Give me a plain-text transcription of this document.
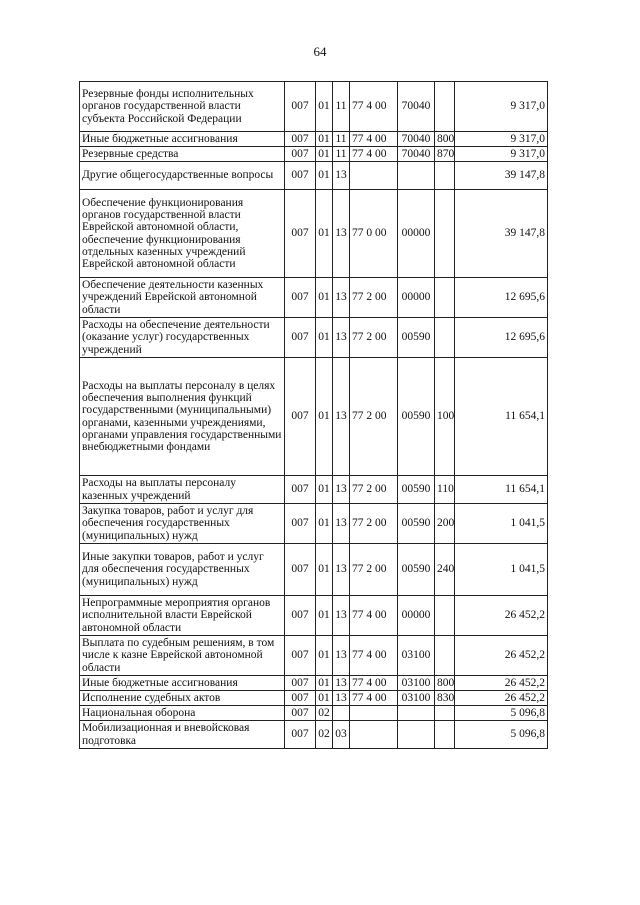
64
Резервные фонды исполнительных органов государственной власти субъекта Российской Федерации	007	01	11	77 4 00	70040		9 317,0
Иные бюджетные ассигнования	007	01	11	77 4 00	70040	800	9 317,0
Резервные средства	007	01	11	77 4 00	70040	870	9 317,0
Другие общегосударственные вопросы	007	01	13				39 147,8
Обеспечение функционирования органов государственной власти Еврейской автономной области, обеспечение функционирования отдельных казенных учреждений Еврейской автономной области	007	01	13	77 0 00	00000		39 147,8
Обеспечение деятельности казенных учреждений Еврейской автономной области	007	01	13	77 2 00	00000		12 695,6
Расходы на обеспечение деятельности (оказание услуг) государственных учреждений	007	01	13	77 2 00	00590		12 695,6
Расходы на выплаты персоналу в целях обеспечения выполнения функций государственными (муниципальными) органами, казенными учреждениями, органами управления государственными внебюджетными фондами	007	01	13	77 2 00	00590	100	11 654,1
Расходы на выплаты персоналу казенных учреждений	007	01	13	77 2 00	00590	110	11 654,1
Закупка товаров, работ и услуг для обеспечения государственных (муниципальных) нужд	007	01	13	77 2 00	00590	200	1 041,5
Иные закупки товаров, работ и услуг для обеспечения государственных (муниципальных) нужд	007	01	13	77 2 00	00590	240	1 041,5
Непрограммные мероприятия органов исполнительной власти Еврейской автономной области	007	01	13	77 4 00	00000		26 452,2
Выплата по судебным решениям, в том числе к казне Еврейской автономной области	007	01	13	77 4 00	03100		26 452,2
Иные бюджетные ассигнования	007	01	13	77 4 00	03100	800	26 452,2
Исполнение судебных актов	007	01	13	77 4 00	03100	830	26 452,2
Национальная оборона	007	02					5 096,8
Мобилизационная и вневойсковая подготовка	007	02	03				5 096,8
